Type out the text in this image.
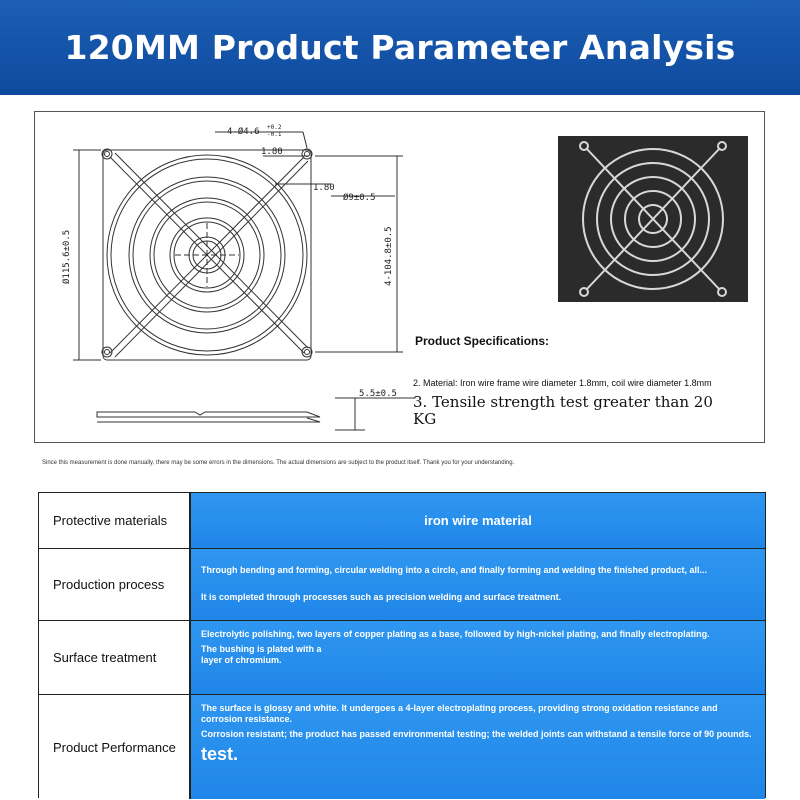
120MM Product Parameter Analysis
4-Ø4.6 +0.2
-0.1
1.80
1.80
Ø9±0.5
5.5±0.5
Ø115.6±0.5	4-104.8±0.5
Product Specifications:
2. Material: Iron wire frame wire diameter 1.8mm, coil wire diameter 1.8mm
3. Tensile strength test greater than 20 KG
Since this measurement is done manually, there may be some errors in the dimensions. The actual dimensions are subject to the product itself. Thank you for your understanding.
Protective materials	iron wire material
Production process

Through bending and forming, circular welding into a circle, and finally forming and welding the finished product, all...

It is completed through processes such as precision welding and surface treatment.

Surface treatment

Electrolytic polishing, two layers of copper plating as a base, followed by high-nickel plating, and finally electroplating.

The bushing is plated with a layer of chromium.

Product Performance

The surface is glossy and white. It undergoes a 4-layer electroplating process, providing strong oxidation resistance and corrosion resistance.

Corrosion resistant; the product has passed environmental testing; the welded joints can withstand a tensile force of 90 pounds.

test.
